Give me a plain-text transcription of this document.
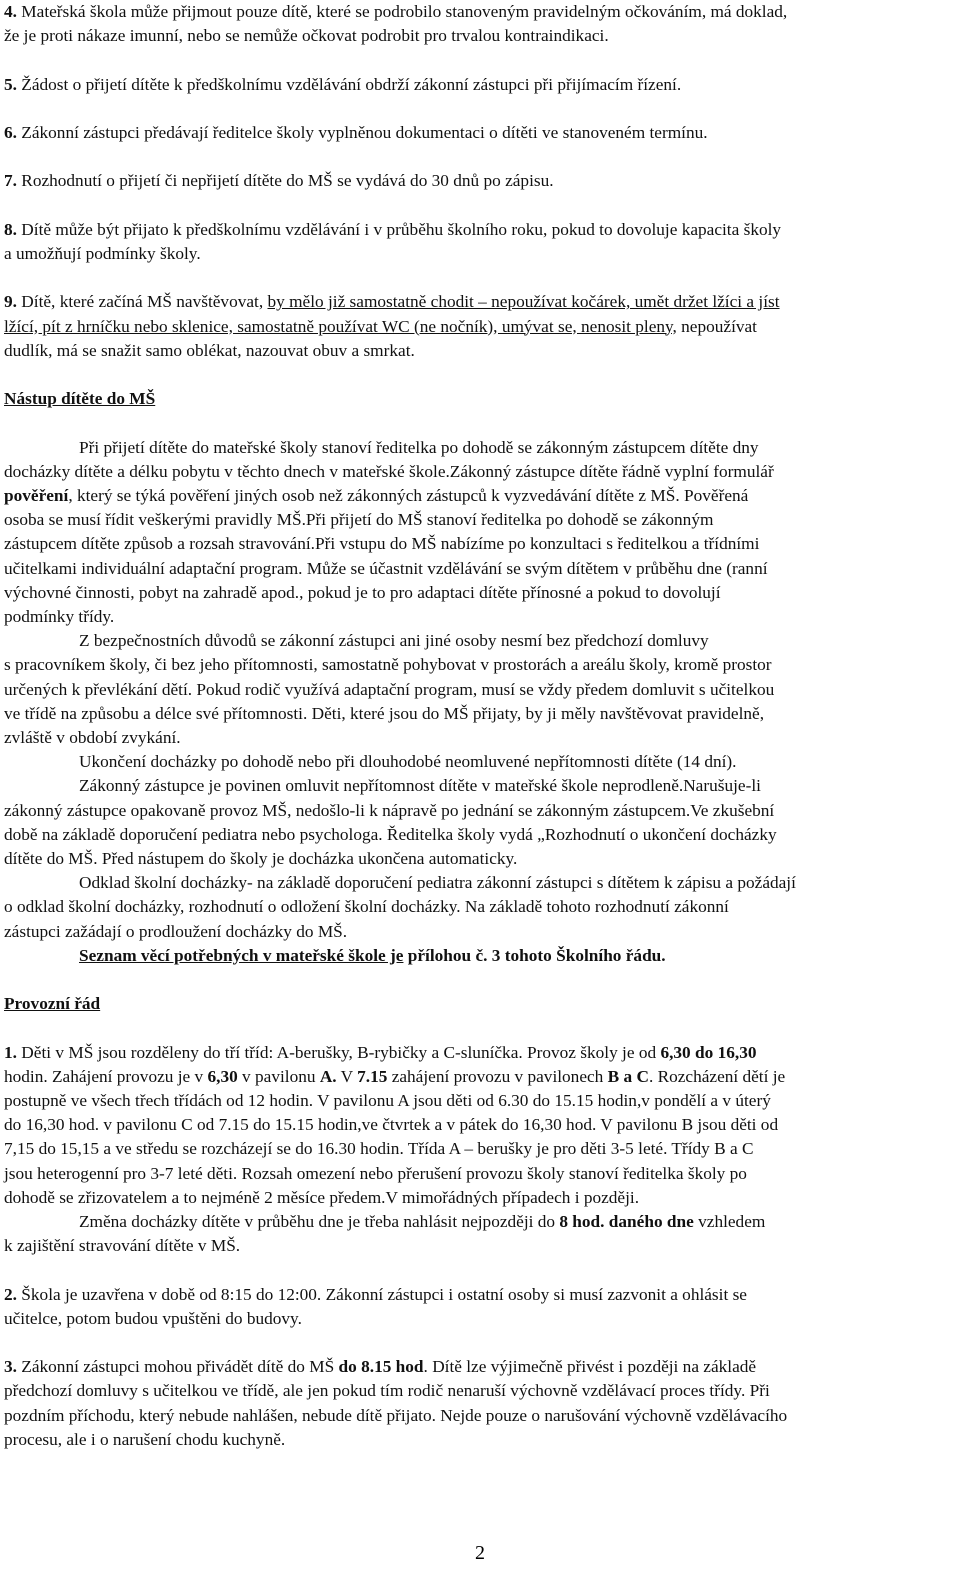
4. Mateřská škola může přijmout pouze dítě, které se podrobilo stanoveným pravidelným očkováním, má doklad,
že je proti nákaze imunní, nebo se nemůže očkovat podrobit pro trvalou kontraindikaci.
5. Žádost o přijetí dítěte k předškolnímu vzdělávání obdrží zákonní zástupci při přijímacím řízení.
6. Zákonní zástupci předávají ředitelce školy vyplněnou dokumentaci o dítěti ve stanoveném termínu.
7. Rozhodnutí o přijetí či nepřijetí dítěte do MŠ se vydává do 30 dnů po zápisu.
8. Dítě může být přijato k předškolnímu vzdělávání i v průběhu školního roku, pokud to dovoluje kapacita školy
a umožňují podmínky školy.
9. Dítě, které začíná MŠ navštěvovat, by mělo již samostatně chodit – nepoužívat kočárek, umět držet lžíci a jíst
lžící, pít z hrníčku nebo sklenice, samostatně používat WC (ne nočník), umývat se, nenosit pleny, nepoužívat
dudlík, má se snažit samo oblékat, nazouvat obuv a smrkat.
Nástup dítěte do MŠ
Při přijetí dítěte do mateřské školy stanoví ředitelka po dohodě se zákonným zástupcem dítěte dny
docházky dítěte a délku pobytu v těchto dnech v mateřské škole.Zákonný zástupce dítěte řádně vyplní formulář
pověření, který se týká pověření jiných osob než zákonných zástupců k vyzvedávání dítěte z MŠ. Pověřená
osoba se musí řídit veškerými pravidly MŠ.Při přijetí do MŠ stanoví ředitelka po dohodě se zákonným
zástupcem dítěte způsob a rozsah stravování.Při vstupu do MŠ nabízíme po konzultaci s ředitelkou a třídními
učitelkami individuální adaptační program. Může se účastnit vzdělávání se svým dítětem v průběhu dne (ranní
výchovné činnosti, pobyt na zahradě apod., pokud je to pro adaptaci dítěte přínosné a pokud to dovolují
podmínky třídy.
Z bezpečnostních důvodů se zákonní zástupci ani jiné osoby nesmí bez předchozí domluvy
s pracovníkem školy, či bez jeho přítomnosti, samostatně pohybovat v prostorách a areálu školy, kromě prostor
určených k převlékání dětí. Pokud rodič využívá adaptační program, musí se vždy předem domluvit s učitelkou
ve třídě na způsobu a délce své přítomnosti. Děti, které jsou do MŠ přijaty, by ji měly navštěvovat pravidelně,
zvláště v období zvykání.
Ukončení docházky po dohodě nebo při dlouhodobé neomluvené nepřítomnosti dítěte (14 dní).
Zákonný zástupce je povinen omluvit nepřítomnost dítěte v mateřské škole neprodleně.Narušuje-li
zákonný zástupce opakovaně provoz MŠ, nedošlo-li k nápravě po jednání se zákonným zástupcem.Ve zkušební
době na základě doporučení pediatra nebo psychologa. Ředitelka školy vydá „Rozhodnutí o ukončení docházky
dítěte do MŠ. Před nástupem do školy je docházka ukončena automaticky.
Odklad školní docházky- na základě doporučení pediatra zákonní zástupci s dítětem k zápisu a požádají
o odklad školní docházky, rozhodnutí o odložení školní docházky. Na základě tohoto rozhodnutí zákonní
zástupci zažádají o prodloužení docházky do MŠ.
Seznam věcí potřebných v mateřské škole je přílohou č. 3 tohoto Školního řádu.
Provozní řád
1. Děti v MŠ jsou rozděleny do tří tříd: A-berušky, B-rybičky a C-sluníčka. Provoz školy je od 6,30 do 16,30
hodin. Zahájení provozu je v 6,30 v pavilonu A. V 7.15 zahájení provozu v pavilonech B a C. Rozcházení dětí je
postupně ve všech třech třídách od 12 hodin. V pavilonu A jsou děti od 6.30 do 15.15 hodin,v pondělí a v úterý
do 16,30 hod. v pavilonu C od 7.15 do 15.15 hodin,ve čtvrtek a v pátek do 16,30 hod. V pavilonu B jsou děti od
7,15 do 15,15 a ve středu se rozcházejí se do 16.30 hodin. Třída A – berušky je pro děti 3-5 leté. Třídy B a C
jsou heterogenní pro 3-7 leté děti. Rozsah omezení nebo přerušení provozu školy stanoví ředitelka školy po
dohodě se zřizovatelem a to nejméně 2 měsíce předem.V mimořádných případech i později.
Změna docházky dítěte v průběhu dne je třeba nahlásit nejpozději do 8 hod. daného dne vzhledem
k zajištění stravování dítěte v MŠ.
2. Škola je uzavřena v době od 8:15 do 12:00. Zákonní zástupci i ostatní osoby si musí zazvonit a ohlásit se
učitelce, potom budou vpuštěni do budovy.
3. Zákonní zástupci mohou přivádět dítě do MŠ do 8.15 hod. Dítě lze výjimečně přivést i později na základě
předchozí domluvy s učitelkou ve třídě, ale jen pokud tím rodič nenaruší výchovně vzdělávací proces třídy. Při
pozdním příchodu, který nebude nahlášen, nebude dítě přijato. Nejde pouze o narušování výchovně vzdělávacího
procesu, ale i o narušení chodu kuchyně.
2
